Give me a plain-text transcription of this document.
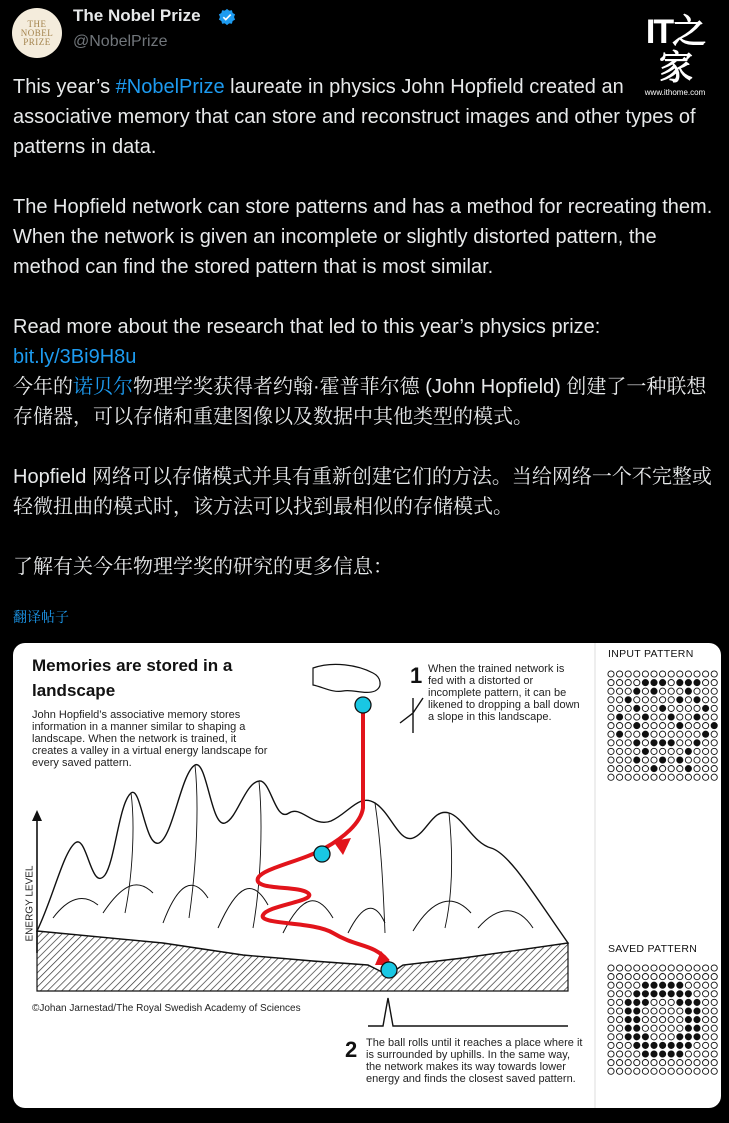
THE
NOBEL
PRIZE
The Nobel Prize
@NobelPrize	IT之家
www.ithome.com

This year’s #NobelPrize laureate in physics John Hopfield created an associative memory that can store and reconstruct images and other types of patterns in data.

The Hopfield network can store patterns and has a method for recreating them. When the network is given an incomplete or slightly distorted pattern, the method can find the stored pattern that is most similar.

Read more about the research that led to this year’s physics prize:

bit.ly/3Bi9H8u

今年的诺贝尔物理学奖获得者约翰·霍普菲尔德 (John Hopfield) 创建了一种联想存储器，可以存储和重建图像以及数据中其他类型的模式。

Hopfield 网络可以存储模式并具有重新创建它们的方法。当给网络一个不完整或轻微扭曲的模式时，该方法可以找到最相似的存储模式。

了解有关今年物理学奖的研究的更多信息：

翻译帖子
Memories are stored in a landscape
John Hopfield’s associative memory stores information in a manner similar to shaping a landscape. When the network is trained, it creates a valley in a virtual energy landscape for every saved pattern.
1 When the trained network is fed with a distorted or incomplete pattern, it can be likened to dropping a ball down a slope in this landscape.
2 The ball rolls until it reaches a place where it is surrounded by uphills. In the same way, the network makes its way towards lower energy and finds the closest saved pattern.
ENERGY LEVEL
©Johan Jarnestad/The Royal Swedish Academy of Sciences
INPUT PATTERN
SAVED PATTERN
